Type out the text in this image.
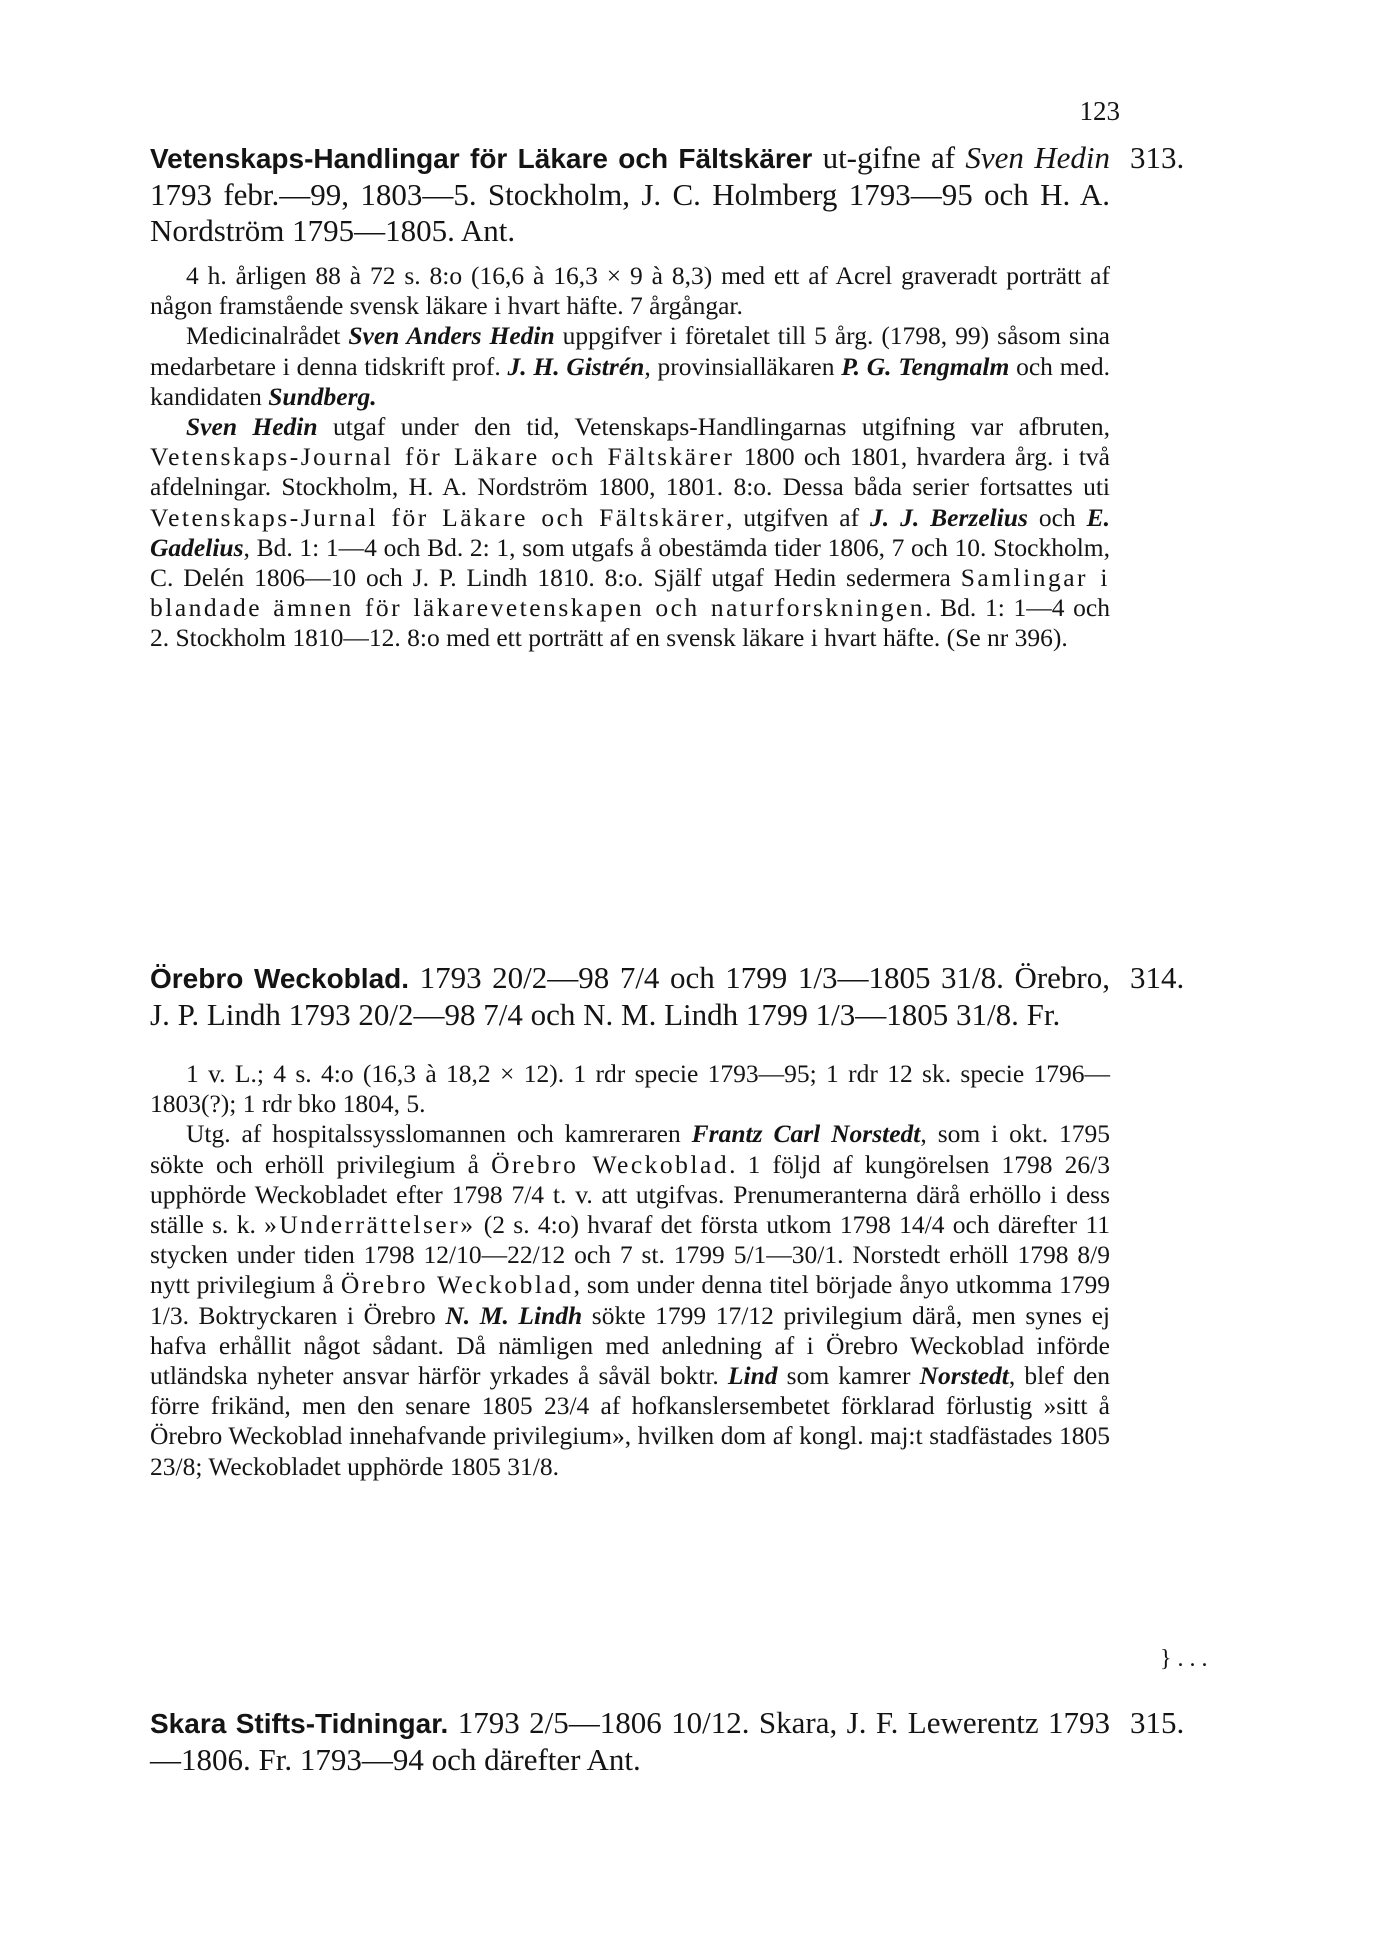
123
313.

Vetenskaps-Handlingar för Läkare och Fältskärer ut-gifne af Sven Hedin 1793 febr.—99, 1803—5. Stockholm, J. C. Holmberg 1793—95 och H. A. Nordström 1795—1805. Ant.

4 h. årligen 88 à 72 s. 8:o (16,6 à 16,3 × 9 à 8,3) med ett af Acrel graveradt porträtt af någon framstående svensk läkare i hvart häfte. 7 årgångar.

Medicinalrådet Sven Anders Hedin uppgifver i företalet till 5 årg. (1798, 99) såsom sina medarbetare i denna tidskrift prof. J. H. Gistrén, provinsialläkaren P. G. Tengmalm och med. kandidaten Sundberg.

Sven Hedin utgaf under den tid, Vetenskaps-Handlingarnas utgifning var afbruten, Vetenskaps-Journal för Läkare och Fältskärer 1800 och 1801, hvardera årg. i två afdelningar. Stockholm, H. A. Nordström 1800, 1801. 8:o. Dessa båda serier fortsattes uti Vetenskaps-Jurnal för Läkare och Fältskärer, utgifven af J. J. Berzelius och E. Gadelius, Bd. 1: 1—4 och Bd. 2: 1, som utgafs å obestämda tider 1806, 7 och 10. Stockholm, C. Delén 1806—10 och J. P. Lindh 1810. 8:o. Själf utgaf Hedin sedermera Samlingar i blandade ämnen för läkarevetenskapen och naturforskningen. Bd. 1: 1—4 och 2. Stockholm 1810—12. 8:o med ett porträtt af en svensk läkare i hvart häfte. (Se nr 396).

314.

Örebro Weckoblad. 1793 20/2—98 7/4 och 1799 1/3—1805 31/8. Örebro, J. P. Lindh 1793 20/2—98 7/4 och N. M. Lindh 1799 1/3—1805 31/8. Fr.

1 v. L.; 4 s. 4:o (16,3 à 18,2 × 12). 1 rdr specie 1793—95; 1 rdr 12 sk. specie 1796—1803(?); 1 rdr bko 1804, 5.

Utg. af hospitalssysslomannen och kamreraren Frantz Carl Norstedt, som i okt. 1795 sökte och erhöll privilegium å Örebro Weckoblad. 1 följd af kungörelsen 1798 26/3 upphörde Weckobladet efter 1798 7/4 t. v. att utgifvas. Prenumeranterna därå erhöllo i dess ställe s. k. »Underrättelser» (2 s. 4:o) hvaraf det första utkom 1798 14/4 och därefter 11 stycken under tiden 1798 12/10—22/12 och 7 st. 1799 5/1—30/1. Norstedt erhöll 1798 8/9 nytt privilegium å Örebro Weckoblad, som under denna titel började ånyo utkomma 1799 1/3. Boktryckaren i Örebro N. M. Lindh sökte 1799 17/12 privilegium därå, men synes ej hafva erhållit något sådant. Då nämligen med anledning af i Örebro Weckoblad införde utländska nyheter ansvar härför yrkades å såväl boktr. Lind som kamrer Norstedt, blef den förre frikänd, men den senare 1805 23/4 af hofkanslersembetet förklarad förlustig »sitt å Örebro Weckoblad innehafvande privilegium», hvilken dom af kongl. maj:t stadfästades 1805 23/8; Weckobladet upphörde 1805 31/8.

} . . .
315.

Skara Stifts-Tidningar. 1793 2/5—1806 10/12. Skara, J. F. Lewerentz 1793—1806. Fr. 1793—94 och därefter Ant.
